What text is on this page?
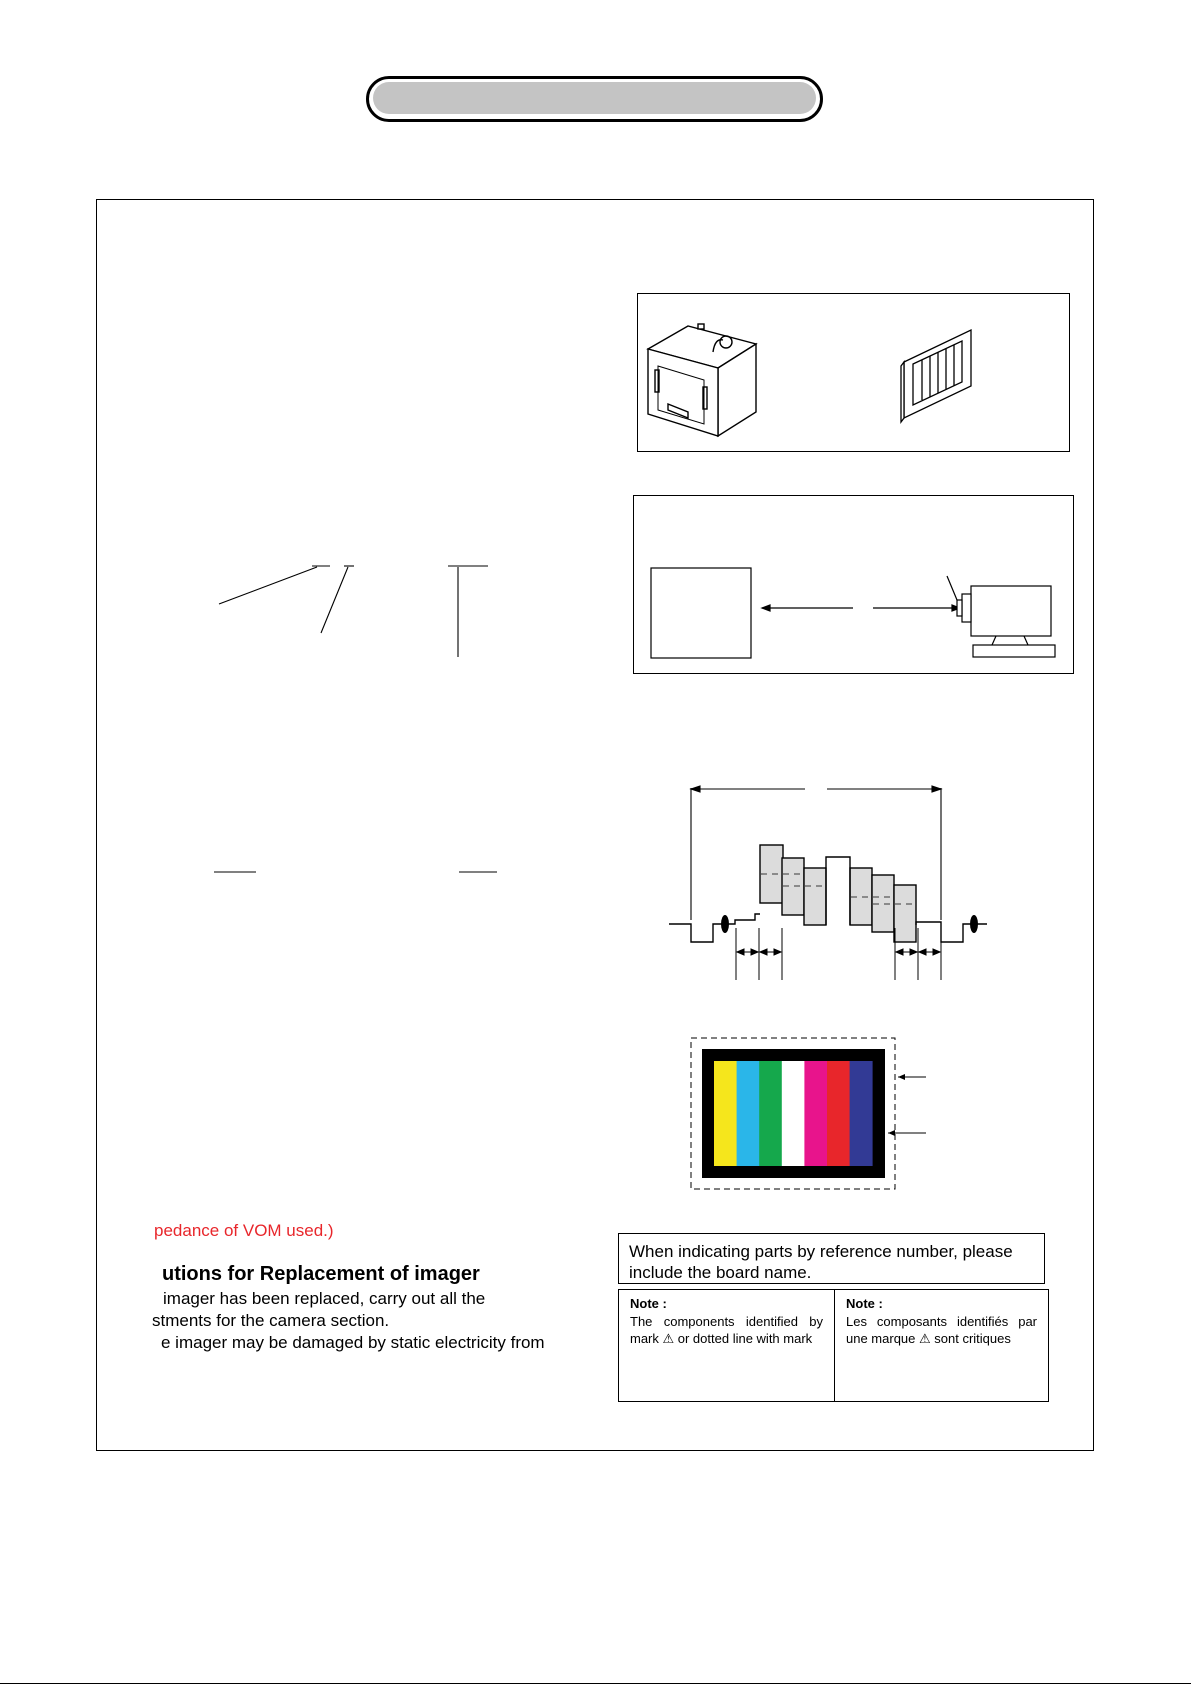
pedance of VOM used.)
utions for Replacement of imager
imager has been replaced, carry out all the
stments for the camera section.
e imager may be damaged by static electricity from
When indicating parts by reference number, please include the board name.
Note :
The components identified by mark ⚠ or dotted line with mark
Note :
Les composants identifiés par une marque ⚠ sont critiques
